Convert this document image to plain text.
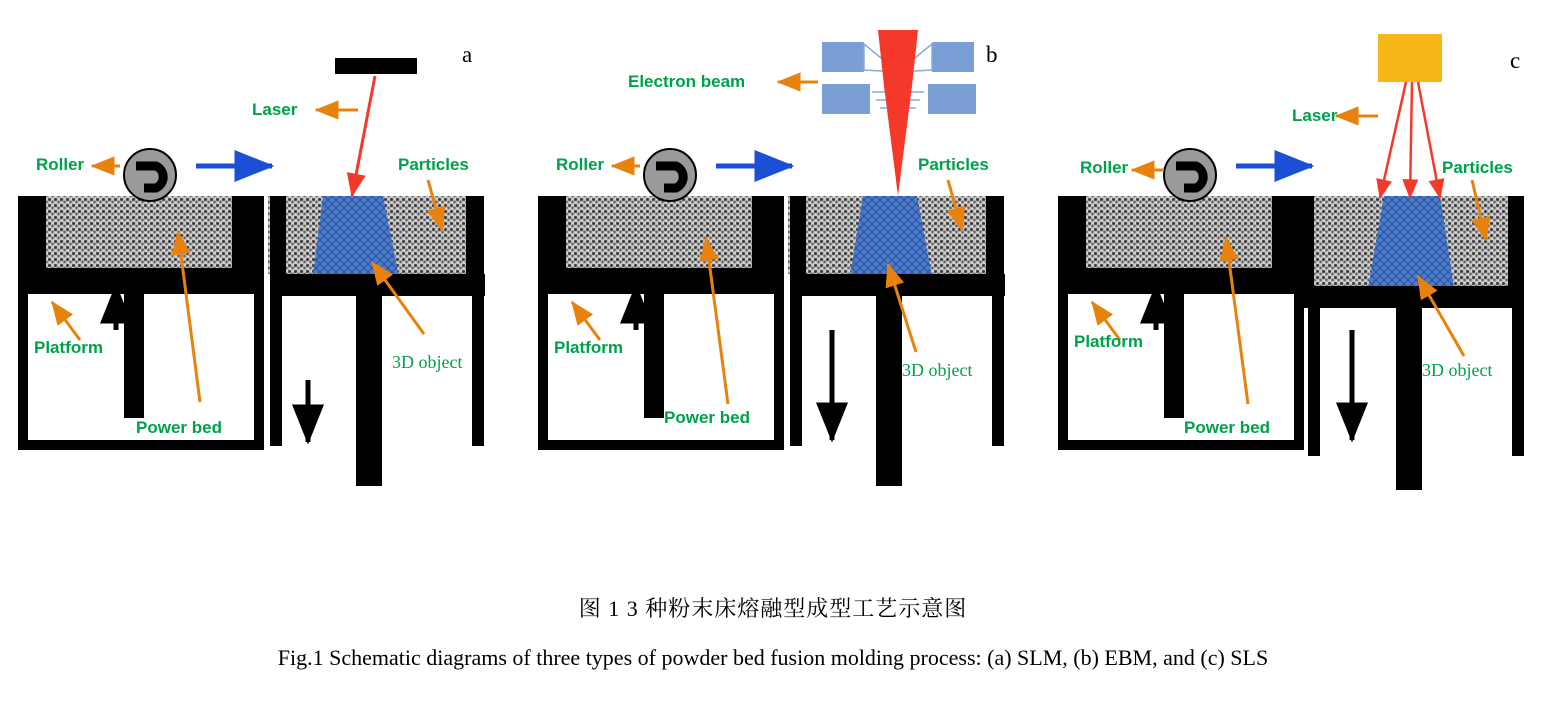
a
Roller
Laser
Particles
Platform
Power bed
3D object
b
Electron beam
Roller	Particles
Platform
Power bed
3D object
c
Laser
Roller	Particles
Platform
Power bed
3D object
图 1 3 种粉末床熔融型成型工艺示意图
Fig.1 Schematic diagrams of three types of powder bed fusion molding process: (a) SLM, (b) EBM, and (c) SLS
